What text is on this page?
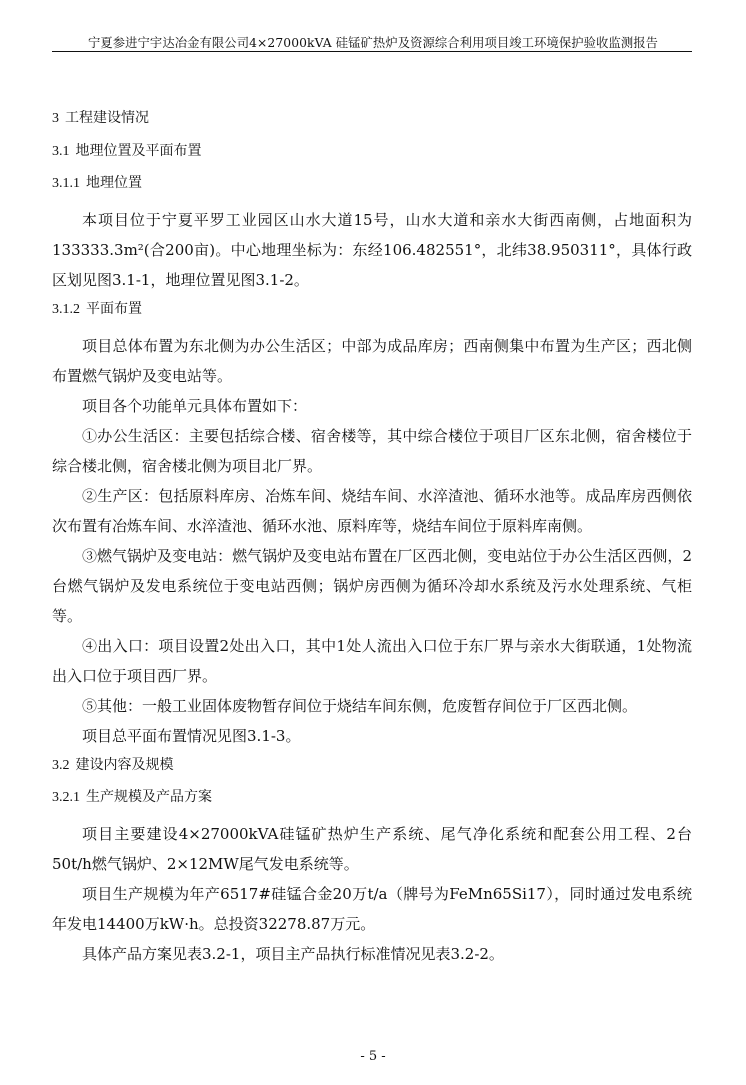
宁夏参进宁宇达冶金有限公司4×27000kVA 硅锰矿热炉及资源综合利用项目竣工环境保护验收监测报告
3 工程建设情况
3.1 地理位置及平面布置
3.1.1 地理位置

本项目位于宁夏平罗工业园区山水大道15号，山水大道和亲水大街西南侧，占地面积为133333.3m²(合200亩)。中心地理坐标为：东经106.482551°，北纬38.950311°，具体行政区划见图3.1-1，地理位置见图3.1-2。

3.1.2 平面布置

项目总体布置为东北侧为办公生活区；中部为成品库房；西南侧集中布置为生产区；西北侧布置燃气锅炉及变电站等。

项目各个功能单元具体布置如下：

①办公生活区：主要包括综合楼、宿舍楼等，其中综合楼位于项目厂区东北侧，宿舍楼位于综合楼北侧，宿舍楼北侧为项目北厂界。

②生产区：包括原料库房、冶炼车间、烧结车间、水淬渣池、循环水池等。成品库房西侧依次布置有冶炼车间、水淬渣池、循环水池、原料库等，烧结车间位于原料库南侧。

③燃气锅炉及变电站：燃气锅炉及变电站布置在厂区西北侧，变电站位于办公生活区西侧，2台燃气锅炉及发电系统位于变电站西侧；锅炉房西侧为循环冷却水系统及污水处理系统、气柜等。

④出入口：项目设置2处出入口，其中1处人流出入口位于东厂界与亲水大街联通，1处物流出入口位于项目西厂界。

⑤其他：一般工业固体废物暂存间位于烧结车间东侧，危废暂存间位于厂区西北侧。

项目总平面布置情况见图3.1-3。

3.2 建设内容及规模
3.2.1 生产规模及产品方案

项目主要建设4×27000kVA硅锰矿热炉生产系统、尾气净化系统和配套公用工程、2台50t/h燃气锅炉、2×12MW尾气发电系统等。

项目生产规模为年产6517#硅锰合金20万t/a（牌号为FeMn65Si17），同时通过发电系统年发电14400万kW·h。总投资32278.87万元。

具体产品方案见表3.2-1，项目主产品执行标准情况见表3.2-2。

- 5 -
